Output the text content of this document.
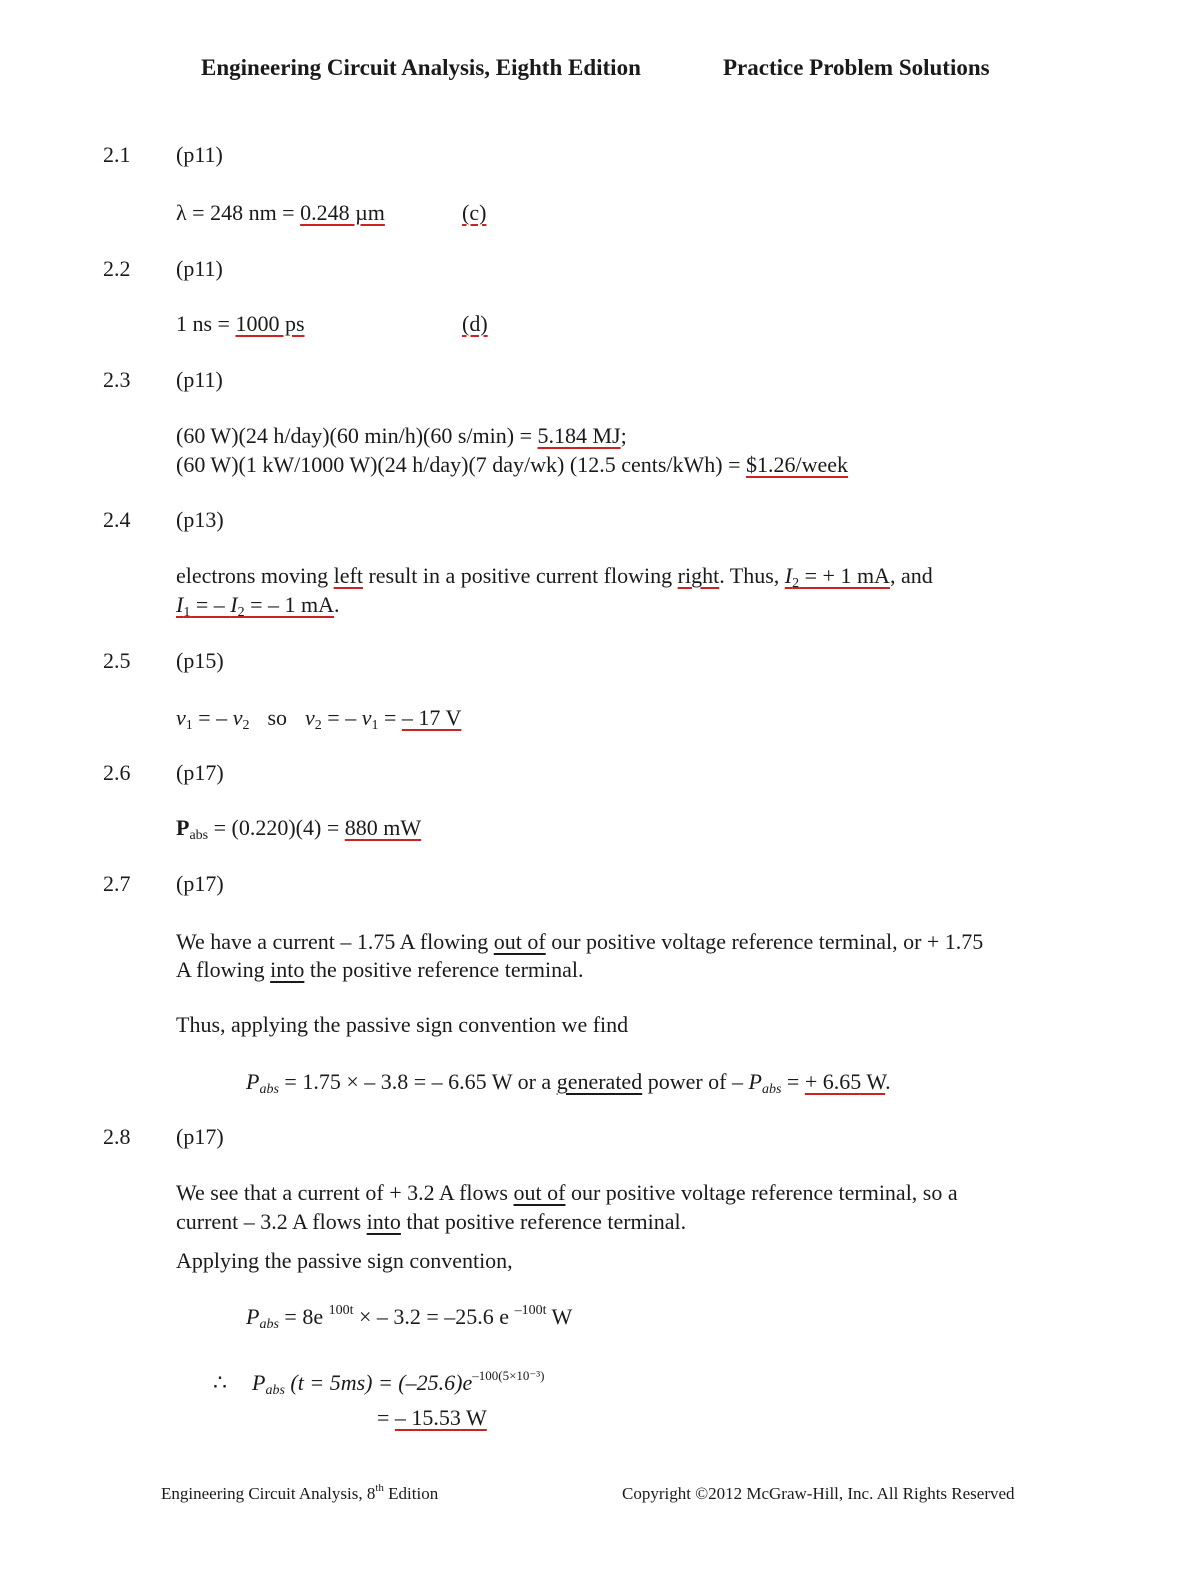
Engineering Circuit Analysis, Eighth Edition	Practice Problem Solutions
2.1 (p11)
λ = 248 nm = 0.248 µm	(c)
2.2 (p11)
1 ns = 1000 ps	(d)
2.3 (p11)
(60 W)(24 h/day)(60 min/h)(60 s/min) = 5.184 MJ;
(60 W)(1 kW/1000 W)(24 h/day)(7 day/wk) (12.5 cents/kWh) = $1.26/week
2.4 (p13)
electrons moving left result in a positive current flowing right. Thus, $I_2$ = + 1 mA, and
$I_1$ = – $I_2$ = – 1 mA.
2.5 (p15)
$v_1$ = – $v_2$ so $v_2$ = – $v_1$ = – 17 V
2.6 (p17)
$P_{abs} = (0.220)(4) = 880$ mW
2.7 (p17)
We have a current – 1.75 A flowing out of our positive voltage reference terminal, or + 1.75
A flowing into the positive reference terminal.
Thus, applying the passive sign convention we find
$P_{abs} = 1.75$ × – 3.8 = – 6.65 W or a generated power of – $P_{abs}$ = + 6.65 W.
2.8 (p17)
We see that a current of + 3.2 A flows out of our positive voltage reference terminal, so a
current – 3.2 A flows into that positive reference terminal.
Applying the passive sign convention,
$P_{abs} = 8e$ $^{100t}$ × – 3.2 = –25.6 e $^{-100t}$ W
∴ $P_{abs}$ $(t = 5ms) = (-25.6)e^{-100(5\times 10^{-3})}$
= – 15.53 W
Engineering Circuit Analysis, 8th Edition	Copyright ©2012 McGraw-Hill, Inc. All Rights Reserved
